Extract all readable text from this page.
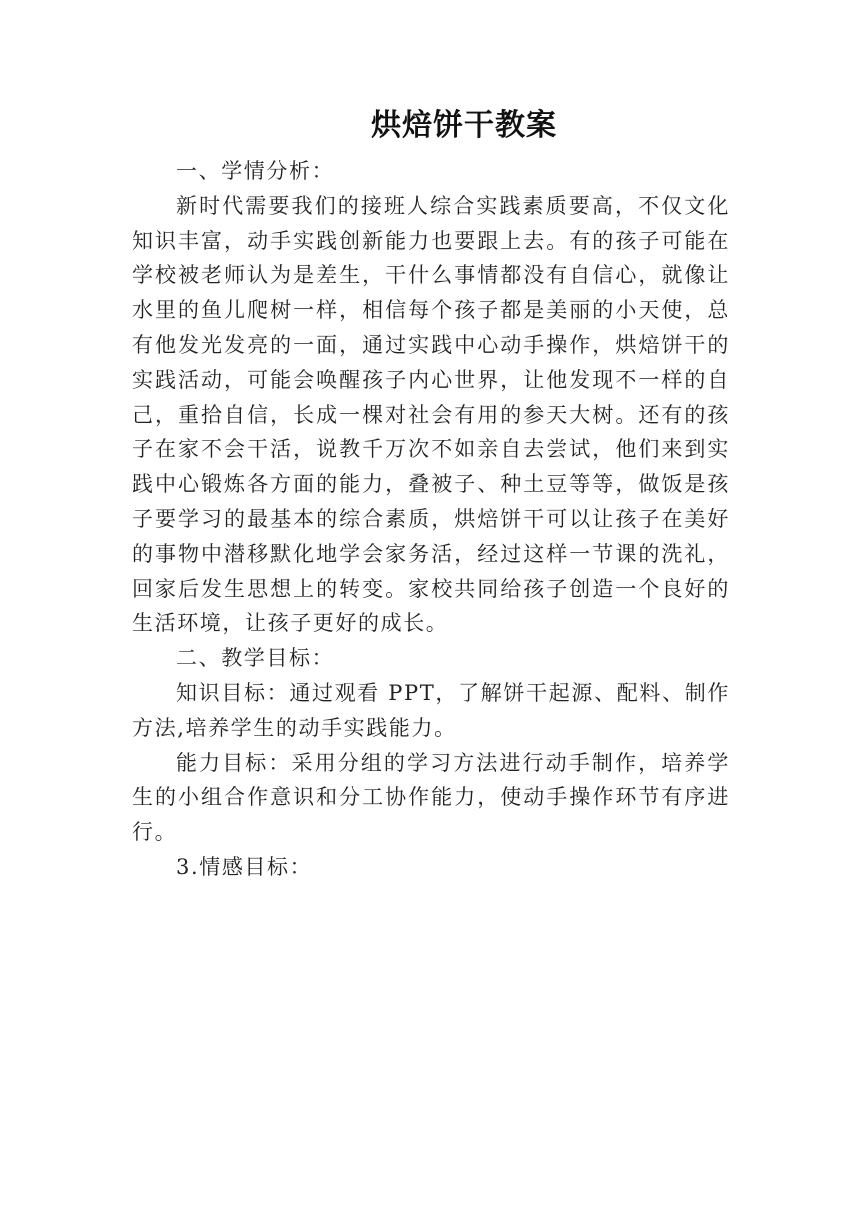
烘焙饼干教案

一、学情分析：

新时代需要我们的接班人综合实践素质要高，不仅文化知识丰富，动手实践创新能力也要跟上去。有的孩子可能在学校被老师认为是差生，干什么事情都没有自信心，就像让水里的鱼儿爬树一样，相信每个孩子都是美丽的小天使，总有他发光发亮的一面，通过实践中心动手操作，烘焙饼干的实践活动，可能会唤醒孩子内心世界，让他发现不一样的自己，重拾自信，长成一棵对社会有用的参天大树。还有的孩子在家不会干活，说教千万次不如亲自去尝试，他们来到实践中心锻炼各方面的能力，叠被子、种土豆等等，做饭是孩子要学习的最基本的综合素质，烘焙饼干可以让孩子在美好的事物中潜移默化地学会家务活，经过这样一节课的洗礼，回家后发生思想上的转变。家校共同给孩子创造一个良好的生活环境，让孩子更好的成长。

二、教学目标：

知识目标：通过观看 PPT，了解饼干起源、配料、制作方法,培养学生的动手实践能力。

能力目标：采用分组的学习方法进行动手制作，培养学生的小组合作意识和分工协作能力，使动手操作环节有序进行。

3.情感目标：
